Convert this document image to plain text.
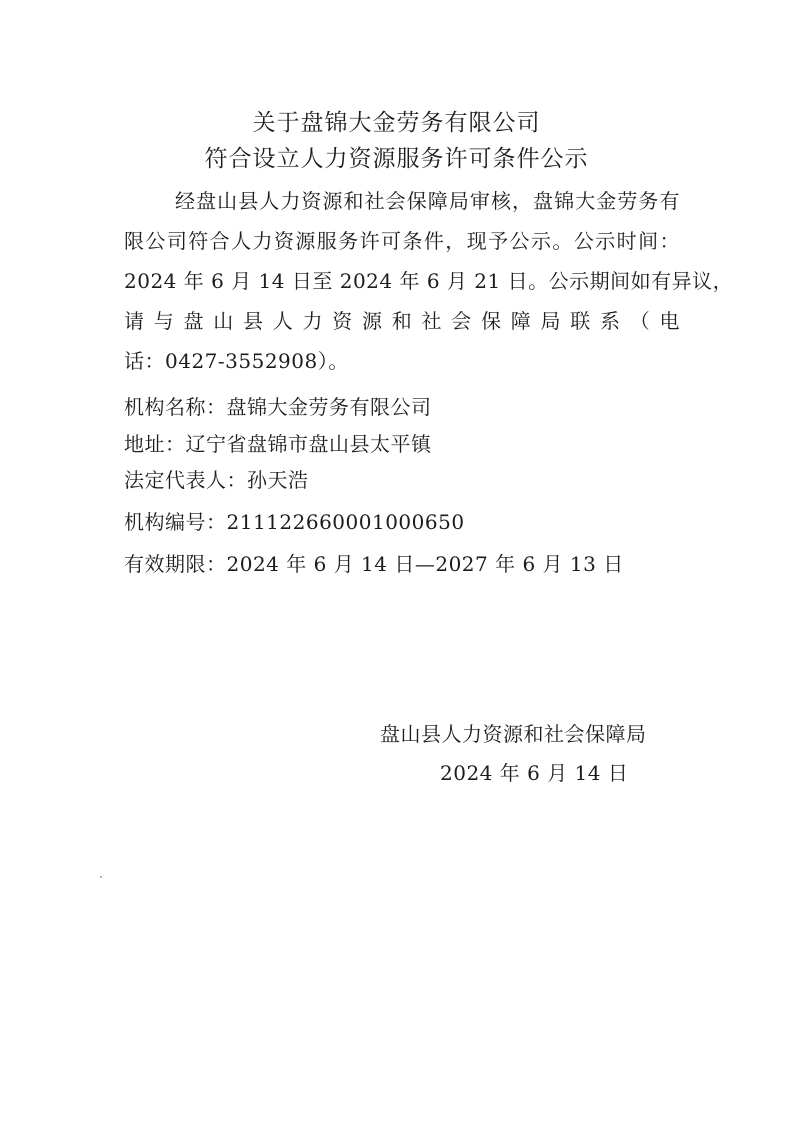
关于盘锦大金劳务有限公司
符合设立人力资源服务许可条件公示
经盘山县人力资源和社会保障局审核，盘锦大金劳务有
限公司符合人力资源服务许可条件，现予公示。公示时间：
2024 年 6 月 14 日至 2024 年 6 月 21 日。公示期间如有异议，
请与盘山县人力资源和社会保障局联系（电
话：0427-3552908）。
机构名称：盘锦大金劳务有限公司
地址：辽宁省盘锦市盘山县太平镇
法定代表人：孙天浩
机构编号：211122660001000650
有效期限：2024 年 6 月 14 日—2027 年 6 月 13 日
盘山县人力资源和社会保障局
2024 年 6 月 14 日
